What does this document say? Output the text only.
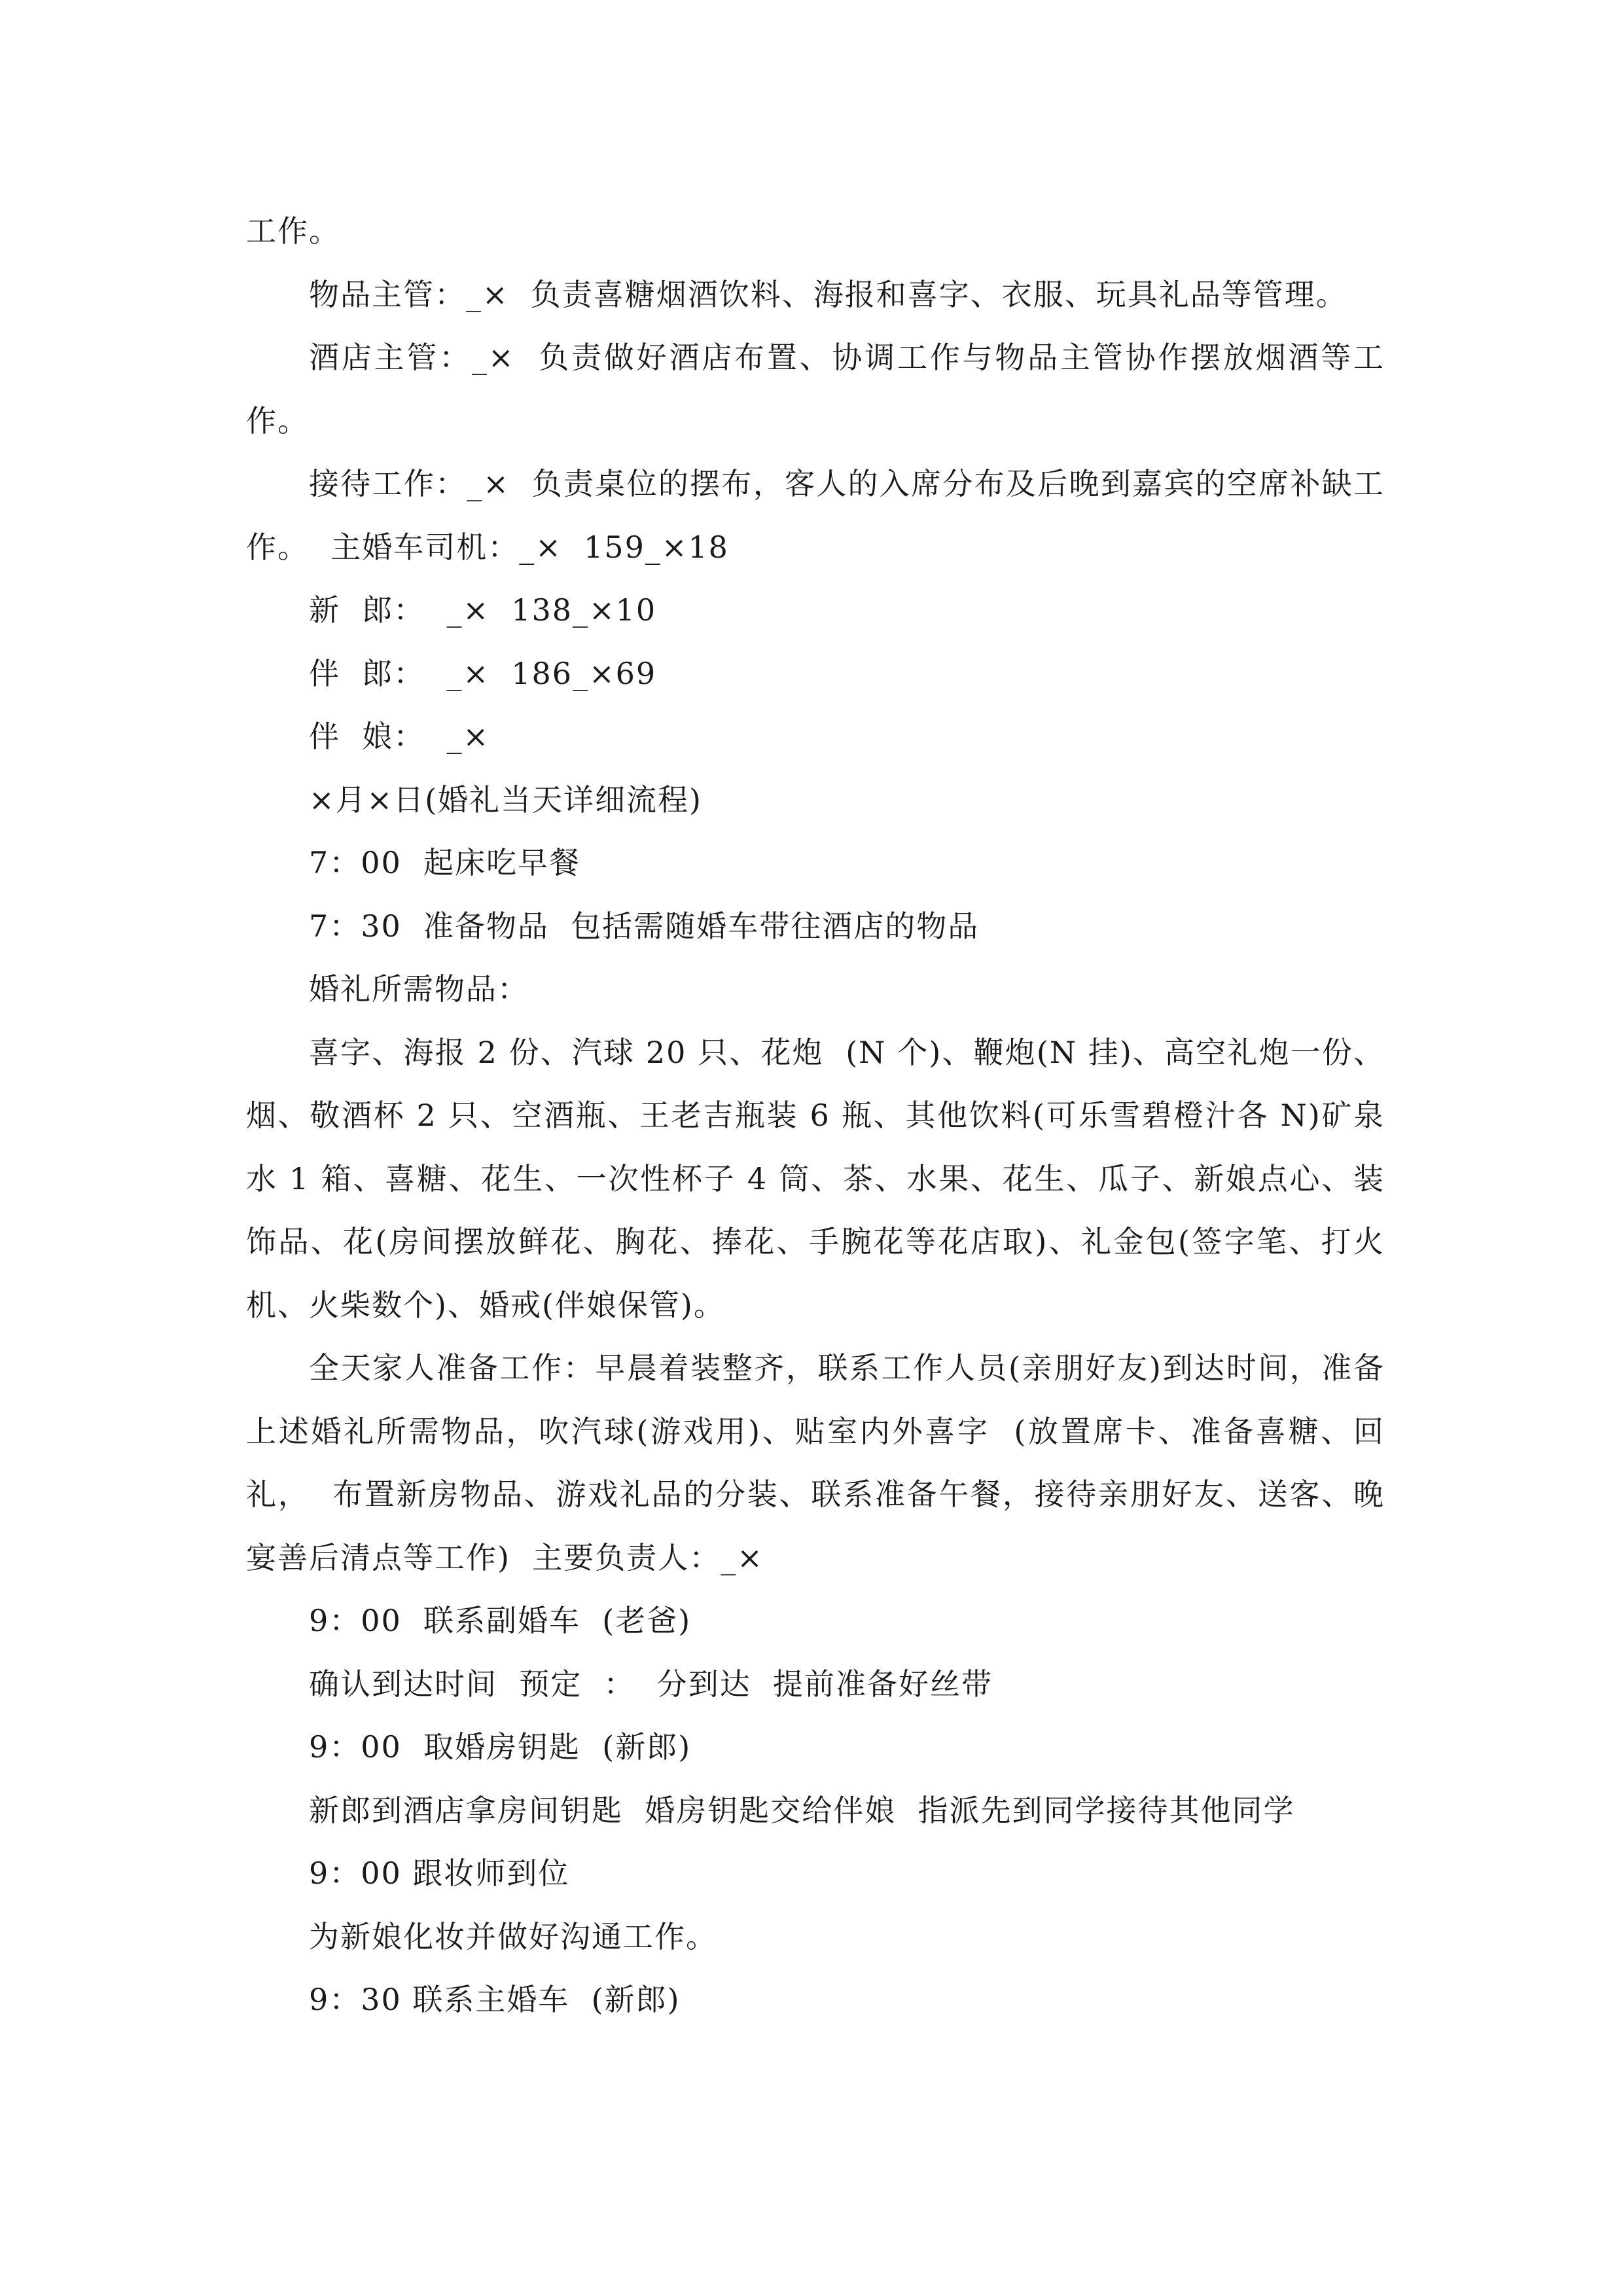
工作。

物品主管：_×  负责喜糖烟酒饮料、海报和喜字、衣服、玩具礼品等管理。

酒店主管：_×  负责做好酒店布置、协调工作与物品主管协作摆放烟酒等工作。

接待工作：_×  负责桌位的摆布，客人的入席分布及后晚到嘉宾的空席补缺工作。  主婚车司机：_×  159_×18

新  郎：  _×  138_×10

伴  郎：  _×  186_×69

伴  娘：  _×

×月×日(婚礼当天详细流程)

7：00  起床吃早餐

7：30  准备物品  包括需随婚车带往酒店的物品

婚礼所需物品：

喜字、海报 2 份、汽球 20 只、花炮  (N 个)、鞭炮(N 挂)、高空礼炮一份、烟、敬酒杯 2 只、空酒瓶、王老吉瓶装 6 瓶、其他饮料(可乐雪碧橙汁各 N)矿泉水 1 箱、喜糖、花生、一次性杯子 4 筒、茶、水果、花生、瓜子、新娘点心、装饰品、花(房间摆放鲜花、胸花、捧花、手腕花等花店取)、礼金包(签字笔、打火机、火柴数个)、婚戒(伴娘保管)。

全天家人准备工作：早晨着装整齐，联系工作人员(亲朋好友)到达时间，准备上述婚礼所需物品，吹汽球(游戏用)、贴室内外喜字  (放置席卡、准备喜糖、回礼，  布置新房物品、游戏礼品的分装、联系准备午餐，接待亲朋好友、送客、晚宴善后清点等工作)  主要负责人：_×

9：00  联系副婚车  (老爸)

确认到达时间  预定  ：  分到达  提前准备好丝带

9：00  取婚房钥匙  (新郎)

新郎到酒店拿房间钥匙  婚房钥匙交给伴娘  指派先到同学接待其他同学

9：00 跟妆师到位

为新娘化妆并做好沟通工作。

9：30 联系主婚车  (新郎)
